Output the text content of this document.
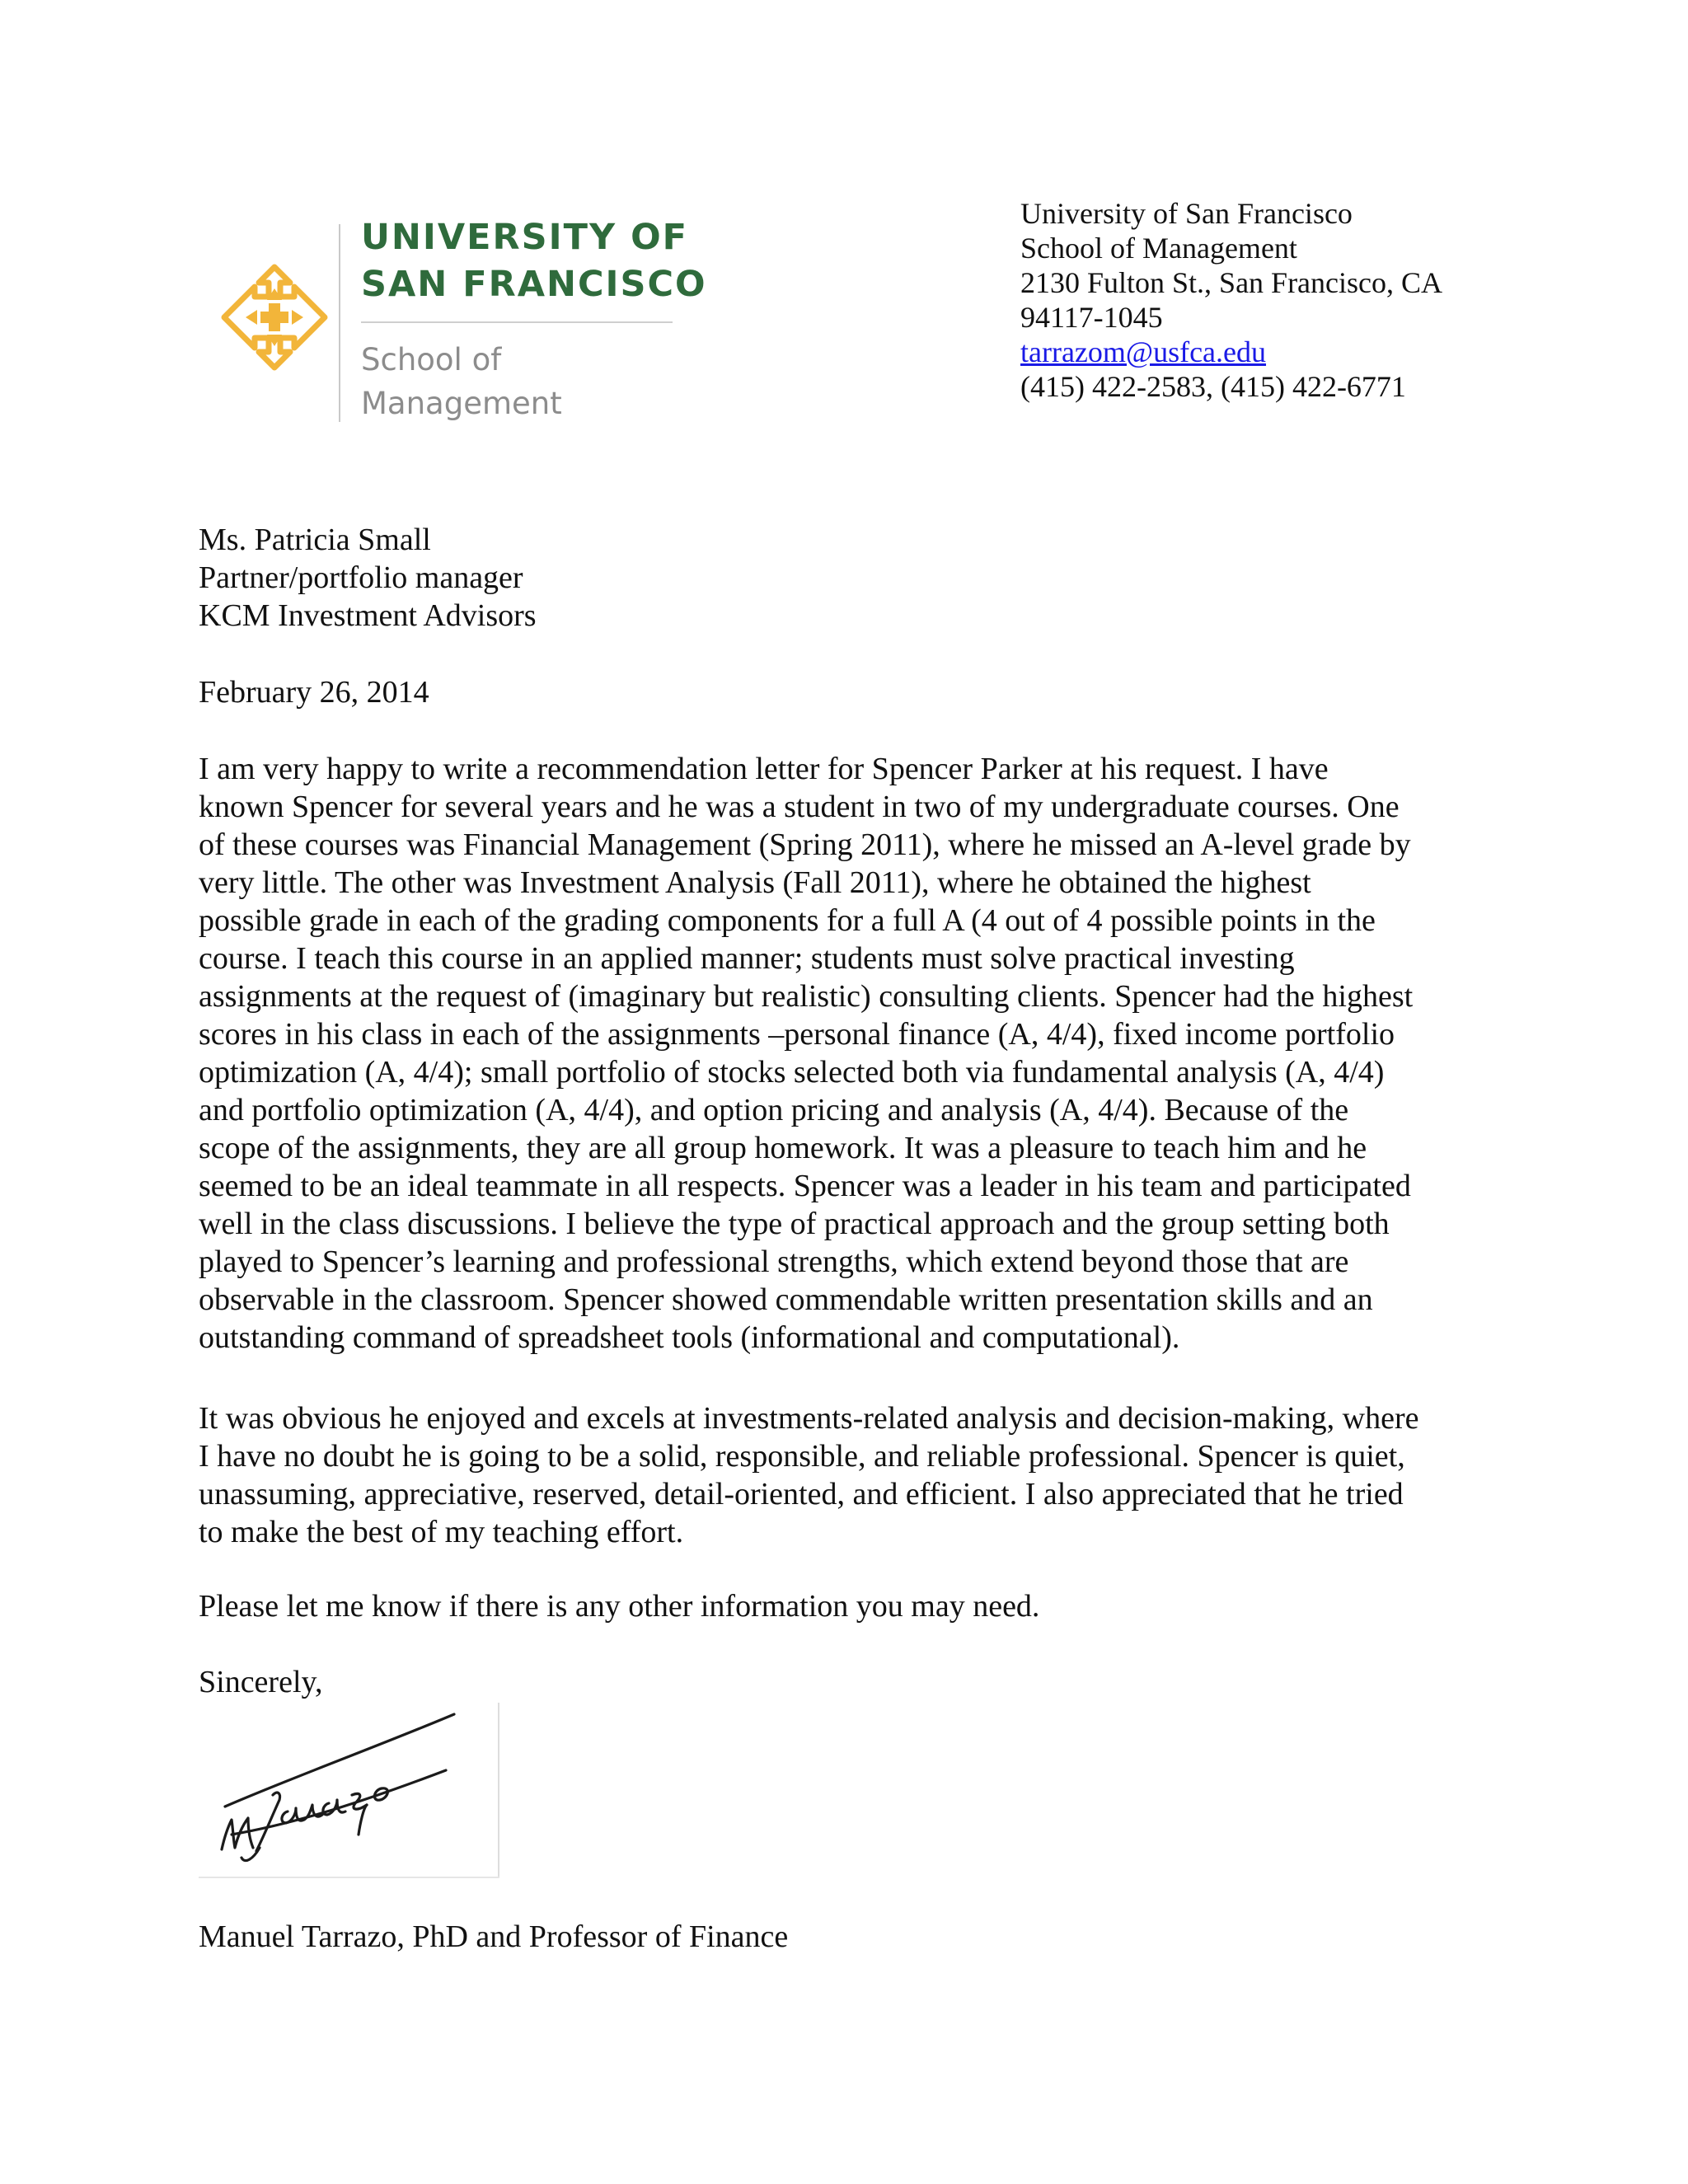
UNIVERSITY OF
SAN FRANCISCO
School of
Management
University of San Francisco
School of Management
2130 Fulton St., San Francisco, CA
94117-1045
tarrazom@usfca.edu
(415) 422-2583, (415) 422-6771
Ms. Patricia Small
Partner/portfolio manager
KCM Investment Advisors
February 26, 2014
I am very happy to write a recommendation letter for Spencer Parker at his request. I have
known Spencer for several years and he was a student in two of my undergraduate courses. One
of these courses was Financial Management (Spring 2011), where he missed an A-level grade by
very little. The other was Investment Analysis (Fall 2011), where he obtained the highest
possible grade in each of the grading components for a full A (4 out of 4 possible points in the
course. I teach this course in an applied manner; students must solve practical investing
assignments at the request of (imaginary but realistic) consulting clients. Spencer had the highest
scores in his class in each of the assignments –personal finance (A, 4/4), fixed income portfolio
optimization (A, 4/4); small portfolio of stocks selected both via fundamental analysis (A, 4/4)
and portfolio optimization (A, 4/4), and option pricing and analysis (A, 4/4). Because of the
scope of the assignments, they are all group homework. It was a pleasure to teach him and he
seemed to be an ideal teammate in all respects. Spencer was a leader in his team and participated
well in the class discussions. I believe the type of practical approach and the group setting both
played to Spencer’s learning and professional strengths, which extend beyond those that are
observable in the classroom. Spencer showed commendable written presentation skills and an
outstanding command of spreadsheet tools (informational and computational).
It was obvious he enjoyed and excels at investments-related analysis and decision-making, where
I have no doubt he is going to be a solid, responsible, and reliable professional. Spencer is quiet,
unassuming, appreciative, reserved, detail-oriented, and efficient. I also appreciated that he tried
to make the best of my teaching effort.
Please let me know if there is any other information you may need.
Sincerely,
Manuel Tarrazo, PhD and Professor of Finance
